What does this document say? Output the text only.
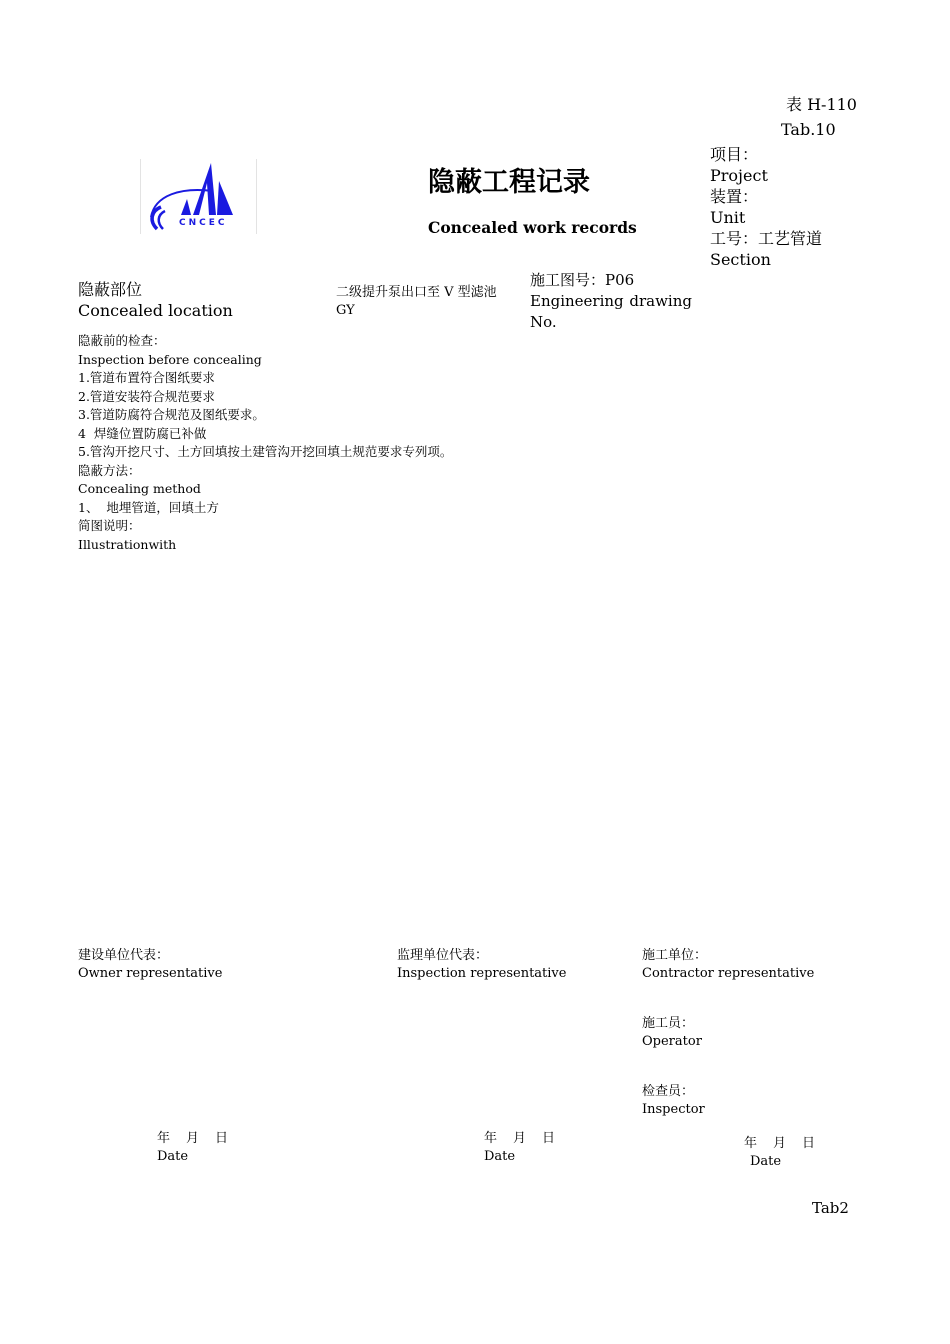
表 H-110
Tab.10
CNCEC
隐蔽工程记录
Concealed work records
项目：
Project
装置：
Unit
工号：工艺管道
Section
隐蔽部位
Concealed location
二级提升泵出口至 V 型滤池
GY
施工图号：P06
Engineering drawing
No.
隐蔽前的检查：
Inspection before concealing
1.管道布置符合图纸要求
2.管道安装符合规范要求
3.管道防腐符合规范及图纸要求。
4  焊缝位置防腐已补做
5.管沟开挖尺寸、土方回填按土建管沟开挖回填土规范要求专列项。
隐蔽方法：
Concealing method
1、  地埋管道，回填土方
简图说明：
Illustrationwith
建设单位代表：
Owner representative
监理单位代表：
Inspection representative
施工单位：
Contractor representative
施工员：
Operator
检查员：
Inspector
年 月 日
Date
年 月 日
Date
年 月 日
Date
Tab2
